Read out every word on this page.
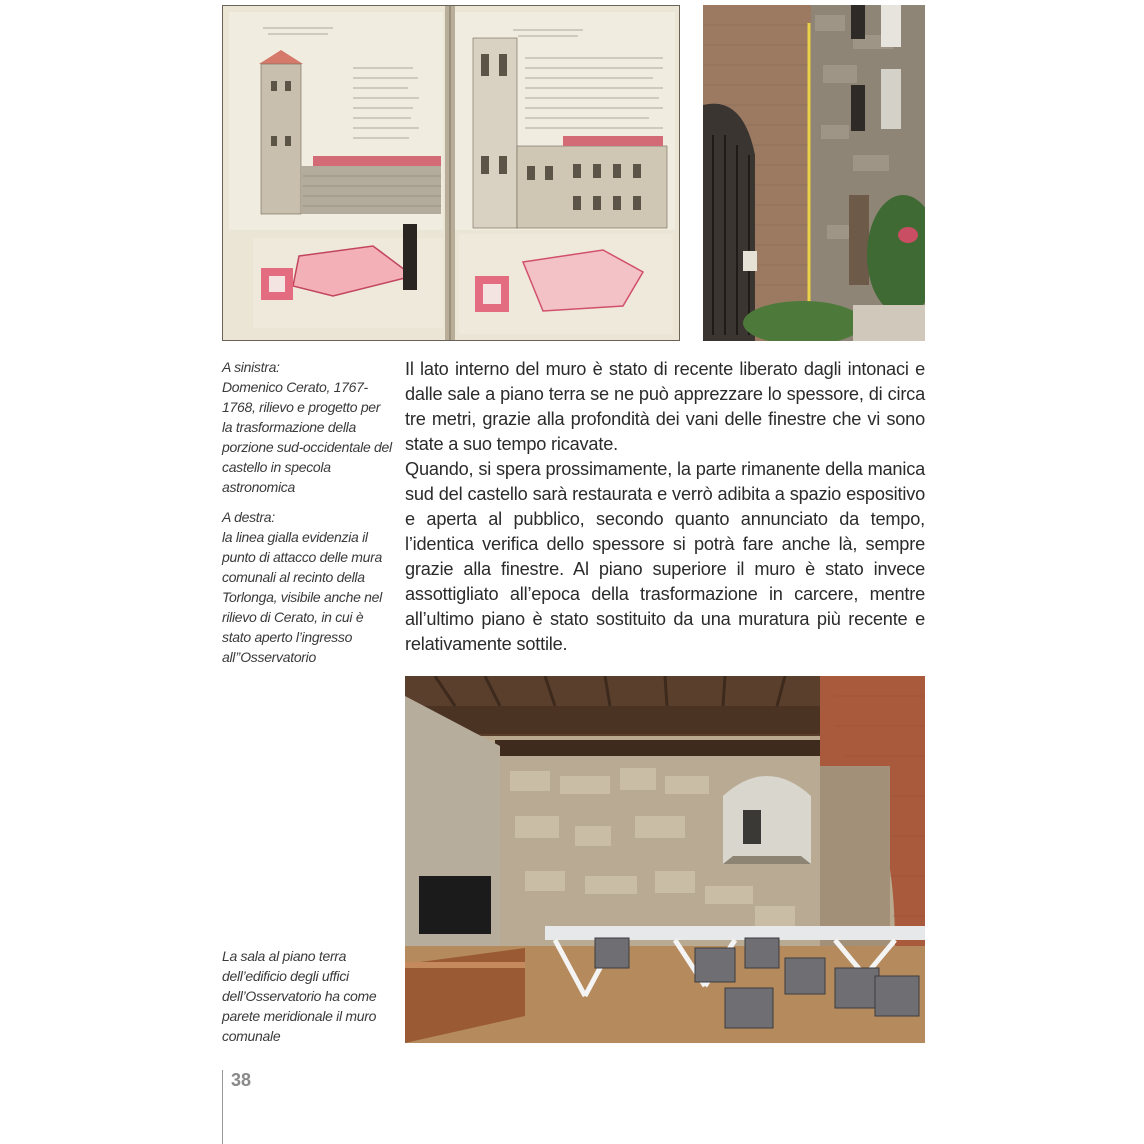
A sinistra:

Domenico Cerato, 1767-1768, rilievo e progetto per la trasformazione della porzione sud-occidentale del castello in specola astronomica

A destra:

la linea gialla evidenzia il punto di attacco delle mura comunali al recinto della Torlonga, visibile anche nel rilievo di Cerato, in cui è stato aperto l’ingresso all’’Osservatorio

Il lato interno del muro è stato di recente liberato dagli intonaci e dalle sale a piano terra se ne può apprezzare lo spessore, di circa tre metri, grazie alla profondità dei vani delle finestre che vi sono state a suo tempo ricavate.

Quando, si spera prossimamente, la parte rimanente della manica sud del castello sarà restaurata e verrò adibita a spazio espositivo e aperta al pubblico, secondo quanto annunciato da tempo, l’identica verifica dello spessore si potrà fare anche là, sempre grazie alla finestre. Al piano superiore il muro è stato invece assottigliato all’epoca della trasformazione in carcere, mentre all’ultimo piano è stato sostituito da una muratura più recente e relativamente sottile.

La sala al piano terra dell’edificio degli uffici dell’Osservatorio ha come parete meridionale il muro comunale

38
